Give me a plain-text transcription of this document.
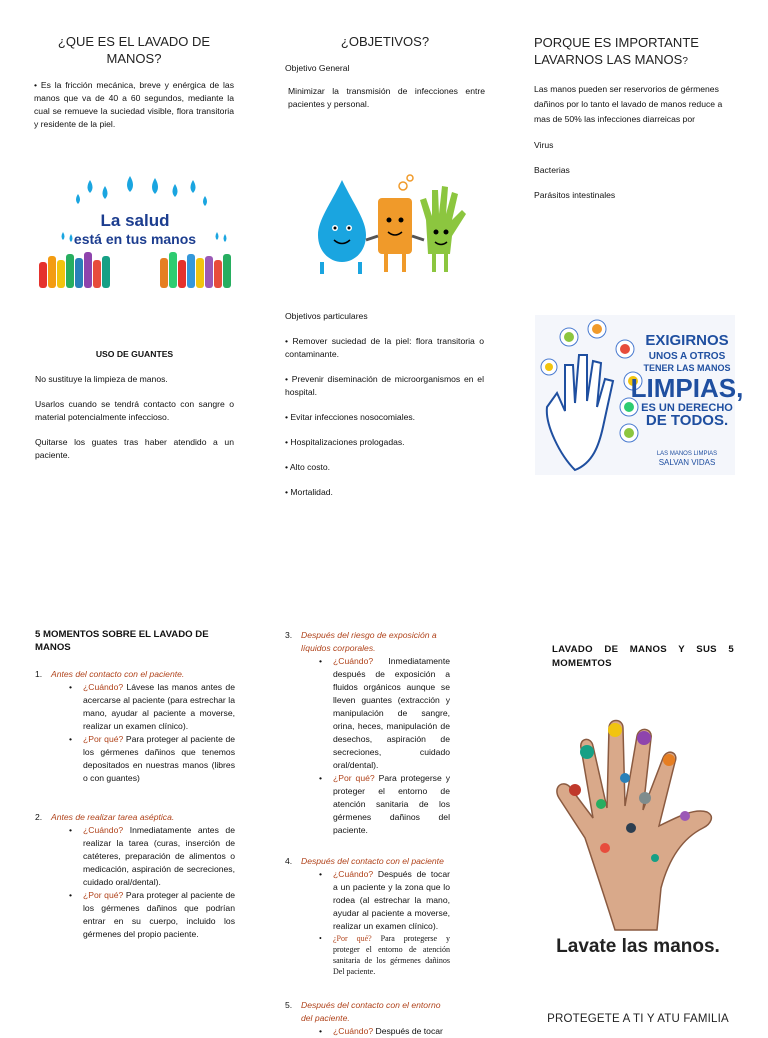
¿QUE ES EL LAVADO DE MANOS?
• Es la fricción mecánica, breve y enérgica de las manos que va de 40 a 60 segundos, mediante la cual se remueve la suciedad visible, flora transitoria y residente de la piel.
La salud
está en tus manos
USO DE GUANTES

No sustituye la limpieza de manos.

Usarlos cuando se tendrá contacto con sangre o material potencialmente infeccioso.

Quitarse los guates tras haber atendido a un paciente.

¿OBJETIVOS?
Objetivo General
Minimizar la transmisión de infecciones entre pacientes y personal.
Objetivos particulares

• Remover suciedad de la piel: flora transitoria o contaminante.

• Prevenir diseminación de microorganismos en el hospital.

• Evitar infecciones nosocomiales.

• Hospitalizaciones prologadas.

• Alto costo.

• Mortalidad.

PORQUE ES IMPORTANTE LAVARNOS LAS MANOS?
Las manos pueden ser reservorios de gérmenes dañinos por lo tanto el lavado de manos reduce a mas de 50% las infecciones diarreicas por
Virus
Bacterias
Parásitos intestinales
EXIGIRNOS
UNOS A OTROS
TENER LAS MANOS
LIMPIAS,
ES UN DERECHO
DE TODOS.
LAS MANOS LIMPIAS
SALVAN VIDAS
5 MOMENTOS SOBRE EL LAVADO DE MANOS
1. Antes del contacto con el paciente.
• ¿Cuándo? Lávese las manos antes de acercarse al paciente (para estrechar la mano, ayudar al paciente a moverse, realizar un examen clínico).
• ¿Por qué? Para proteger al paciente de los gérmenes dañinos que tenemos depositados en nuestras manos (libres o con guantes)
2. Antes de realizar tarea aséptica.
• ¿Cuándo? Inmediatamente antes de realizar la tarea (curas, inserción de catéteres, preparación de alimentos o medicación, aspiración de secreciones, cuidado oral/dental).
• ¿Por qué? Para proteger al paciente de los gérmenes dañinos que podrían entrar en su cuerpo, incluido los gérmenes del propio paciente.
3. Después del riesgo de exposición a líquidos corporales.
• ¿Cuándo? Inmediatamente después de exposición a fluidos orgánicos aunque se lleven guantes (extracción y manipulación de sangre, orina, heces, manipulación de desechos, aspiración de secreciones, cuidado oral/dental).
• ¿Por qué? Para protegerse y proteger el entorno de atención sanitaria de los gérmenes dañinos del paciente.
4. Después del contacto con el paciente
• ¿Cuándo? Después de tocar a un paciente y la zona que lo rodea (al estrechar la mano, ayudar al paciente a moverse, realizar un examen clínico).
• ¿Por qué? Para protegerse y proteger el entorno de atención sanitaria de los gérmenes dañinos Del paciente.
5. Después del contacto con el entorno del paciente.
• ¿Cuándo? Después de tocar
LAVADO DE MANOS Y SUS 5 MOMEMTOS
Lavate las manos.
PROTEGETE A TI Y ATU FAMILIA
